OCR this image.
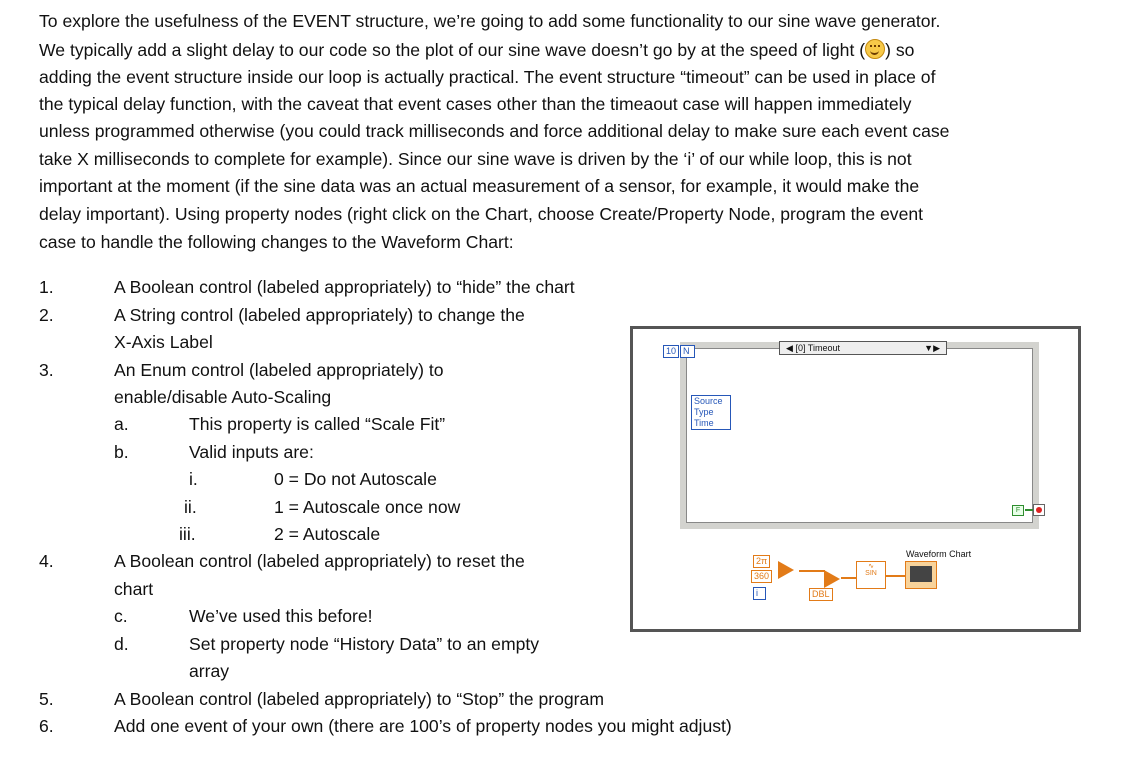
To explore the usefulness of the EVENT structure, we’re going to add some functionality to our sine wave generator.
We typically add a slight delay to our code so the plot of our sine wave doesn’t go by at the speed of light ( ) so
adding the event structure inside our loop is actually practical. The event structure “timeout” can be used in place of
the typical delay function, with the caveat that event cases other than the timeaout case will happen immediately
unless programmed otherwise (you could track milliseconds and force additional delay to make sure each event case
take X milliseconds to complete for example). Since our sine wave is driven by the ‘i’ of our while loop, this is not
important at the moment (if the sine data was an actual measurement of a sensor, for example, it would make the
delay important). Using property nodes (right click on the Chart, choose Create/Property Node, program the event
case to handle the following changes to the Waveform Chart:
1.	A Boolean control (labeled appropriately) to “hide” the chart
2.	A String control (labeled appropriately) to change the
X-Axis Label
3.	An Enum control (labeled appropriately) to
enable/disable Auto-Scaling
a.	This property is called “Scale Fit”
b.	Valid inputs are:
i.	0 = Do not Autoscale
ii.	1 = Autoscale once now
iii.	2 = Autoscale
4.	A Boolean control (labeled appropriately) to reset the
chart
c.	We’ve used this before!
d.	Set property node “History Data” to an empty
array
5.	A Boolean control (labeled appropriately) to “Stop” the program
6.	Add one event of your own (there are 100’s of property nodes you might adjust)
◀ [0] Timeout	▼▶
Source
Type
Time
F
10 N
Waveform Chart
2π
360
i	DBL
∿
SIN
